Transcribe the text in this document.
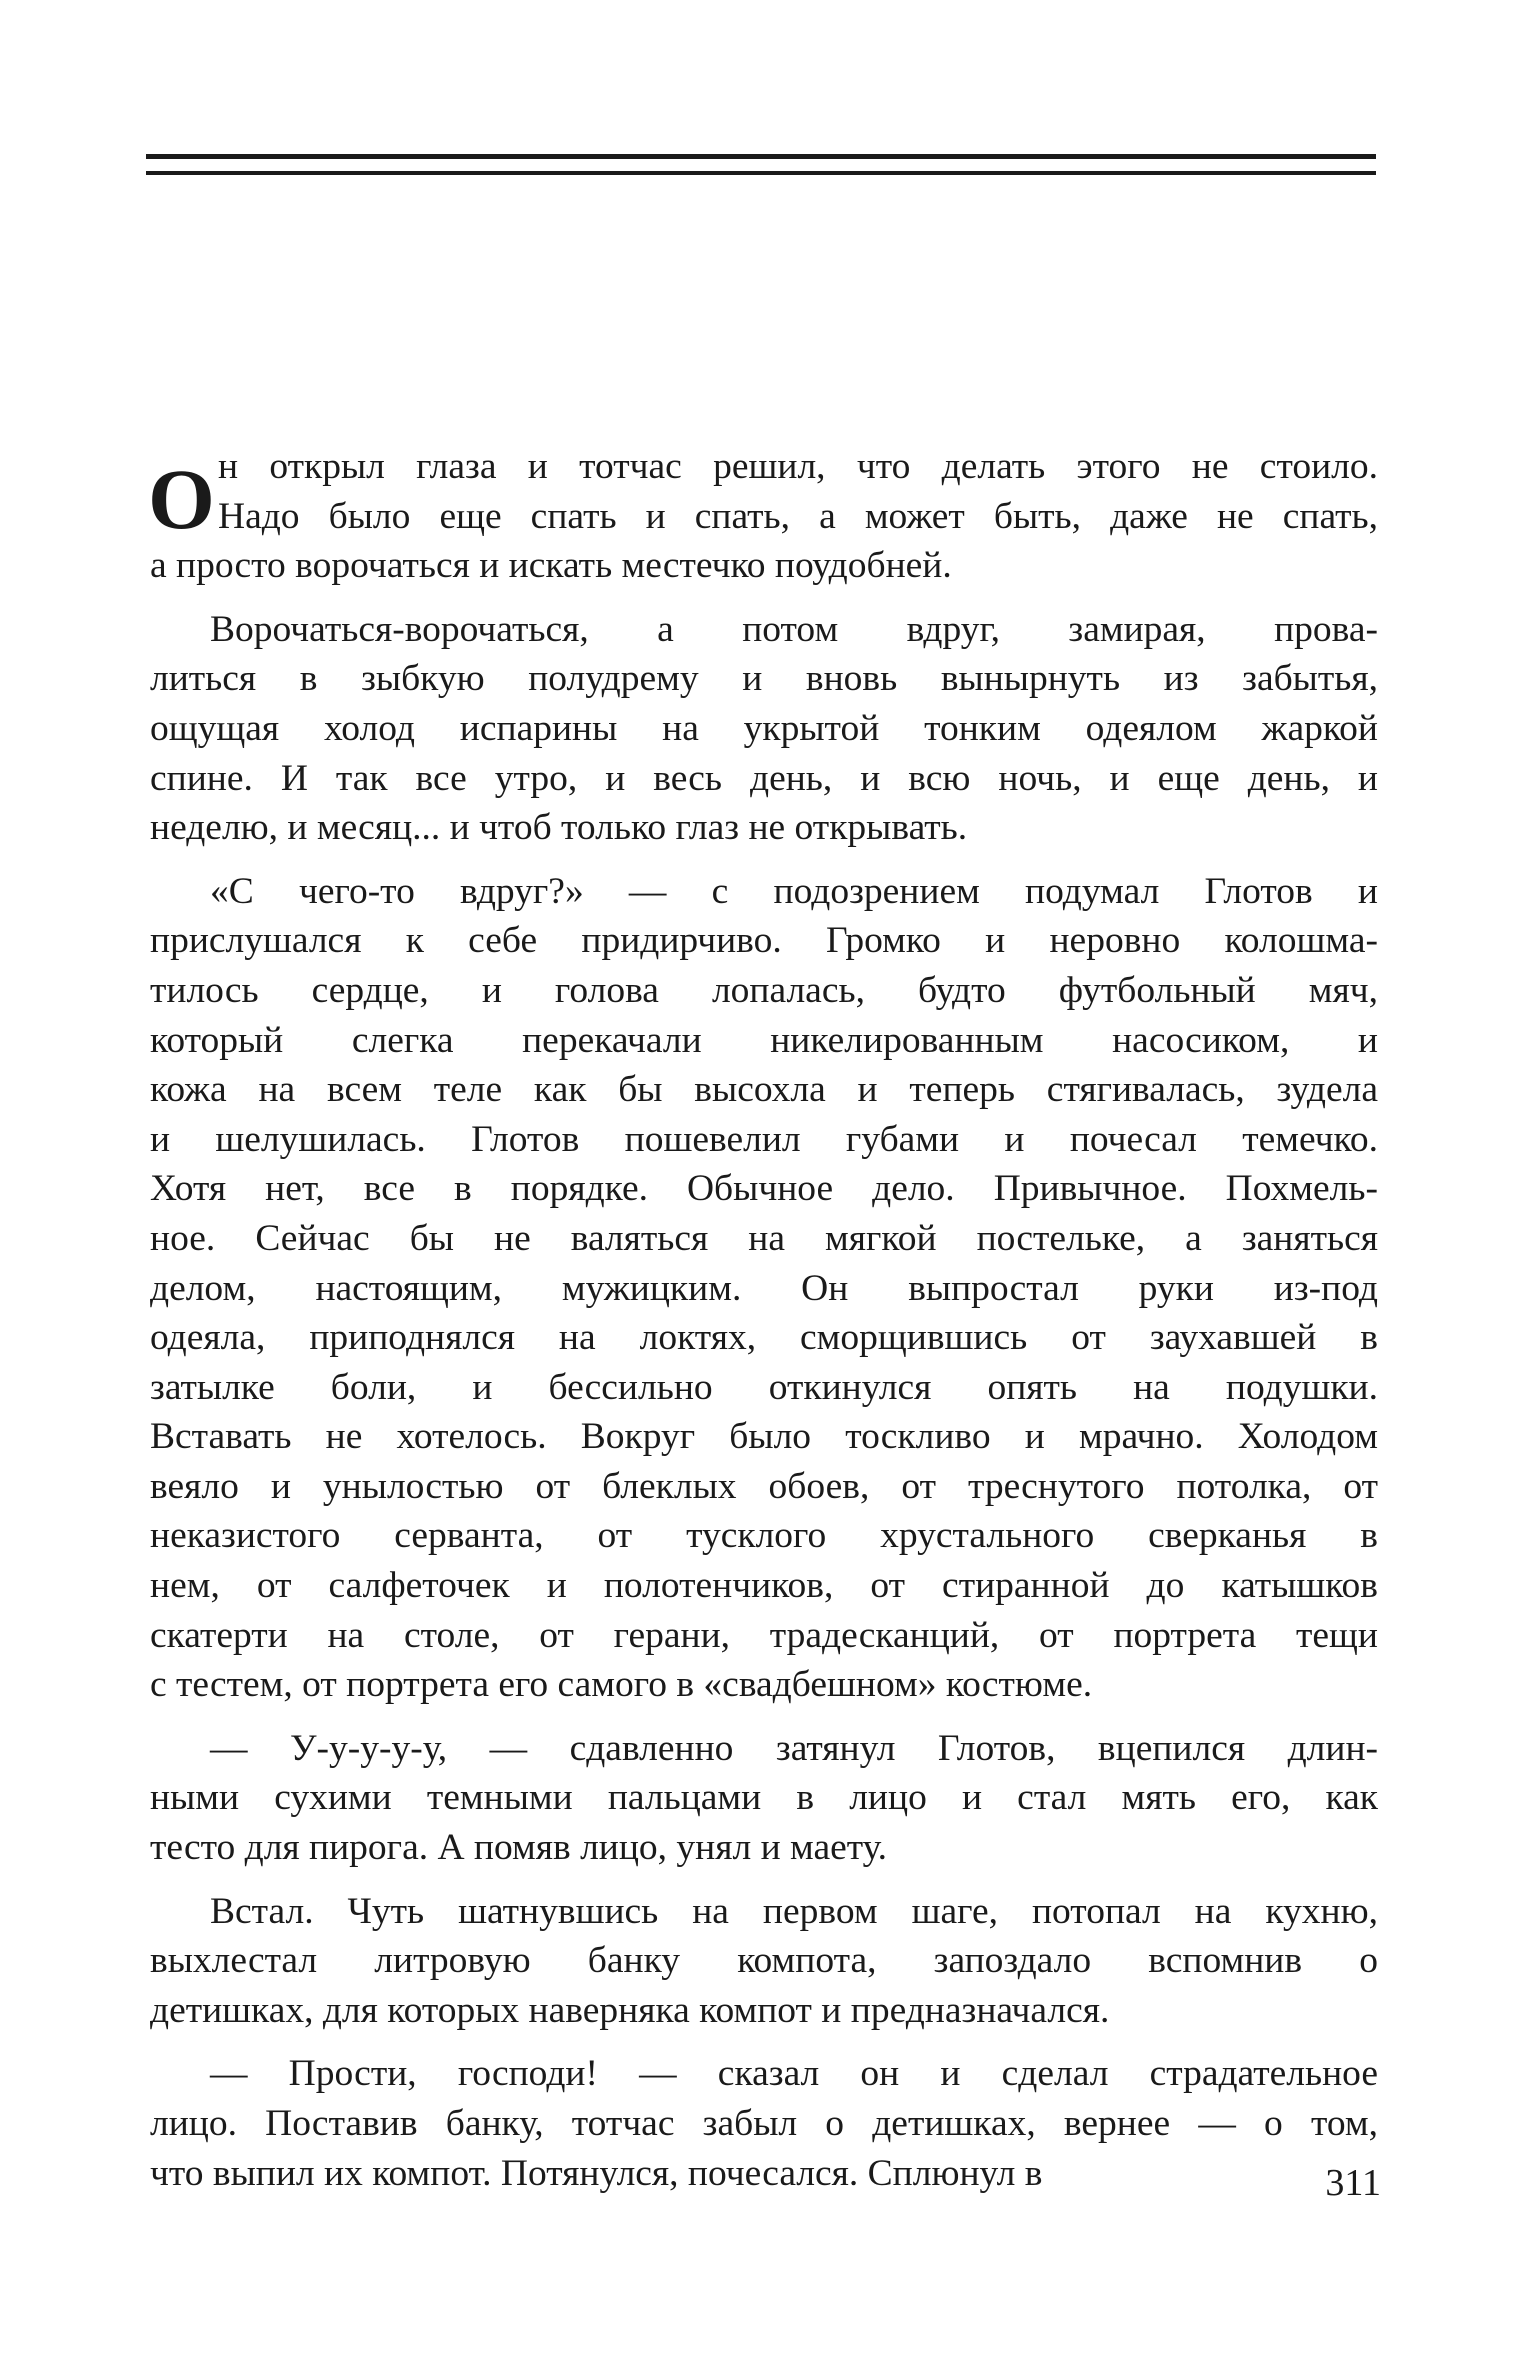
О н открыл глаза и тотчас решил, что делать этого не стоило.
Надо было еще спать и спать, а может быть, даже не спать,
а просто ворочаться и искать местечко поудобней.
Ворочаться-ворочаться, а потом вдруг, замирая, прова-
литься в зыбкую полудрему и вновь вынырнуть из забытья,
ощущая холод испарины на укрытой тонким одеялом жаркой
спине. И так все утро, и весь день, и всю ночь, и еще день, и
неделю, и месяц... и чтоб только глаз не открывать.
«С чего-то вдруг?» — с подозрением подумал Глотов и
прислушался к себе придирчиво. Громко и неровно колошма-
тилось сердце, и голова лопалась, будто футбольный мяч,
который слегка перекачали никелированным насосиком, и
кожа на всем теле как бы высохла и теперь стягивалась, зудела
и шелушилась. Глотов пошевелил губами и почесал темечко.
Хотя нет, все в порядке. Обычное дело. Привычное. Похмель-
ное. Сейчас бы не валяться на мягкой постельке, а заняться
делом, настоящим, мужицким. Он выпростал руки из-под
одеяла, приподнялся на локтях, сморщившись от заухавшей в
затылке боли, и бессильно откинулся опять на подушки.
Вставать не хотелось. Вокруг было тоскливо и мрачно. Холодом
веяло и унылостью от блеклых обоев, от треснутого потолка, от
неказистого серванта, от тусклого хрустального сверканья в
нем, от салфеточек и полотенчиков, от стиранной до катышков
скатерти на столе, от герани, традесканций, от портрета тещи
с тестем, от портрета его самого в «свадбешном» костюме.
— У-у-у-у-у, — сдавленно затянул Глотов, вцепился длин-
ными сухими темными пальцами в лицо и стал мять его, как
тесто для пирога. А помяв лицо, унял и маету.
Встал. Чуть шатнувшись на первом шаге, потопал на кухню,
выхлестал литровую банку компота, запоздало вспомнив о
детишках, для которых наверняка компот и предназначался.
— Прости, господи! — сказал он и сделал страдательное
лицо. Поставив банку, тотчас забыл о детишках, вернее — о том,
что выпил их компот. Потянулся, почесался. Сплюнул в	311
